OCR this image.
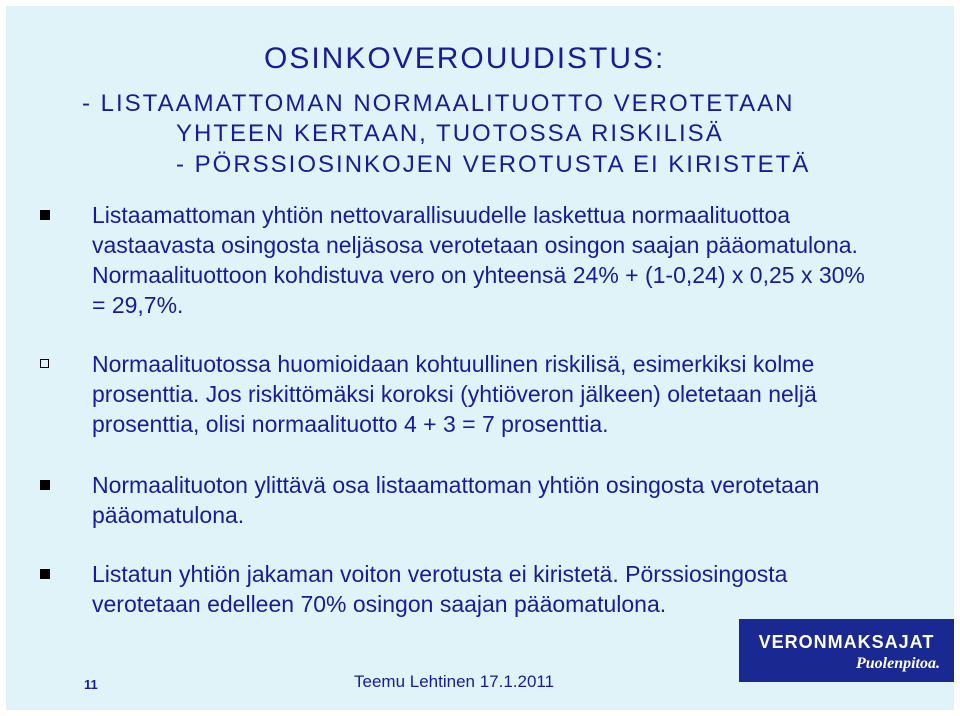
OSINKOVEROUUDISTUS:

- LISTAAMATTOMAN NORMAALITUOTTO VEROTETAAN

YHTEEN KERTAAN, TUOTOSSA RISKILISÄ

- PÖRSSIOSINKOJEN VEROTUSTA EI KIRISTETÄ

Listaamattoman yhtiön nettovarallisuudelle laskettua normaalituottoa vastaavasta osingosta neljäsosa verotetaan osingon saajan pääomatulona. Normaalituottoon kohdistuva vero on yhteensä 24% + (1-0,24) x 0,25 x 30% = 29,7%.

Normaalituotossa huomioidaan kohtuullinen riskilisä, esimerkiksi kolme prosenttia. Jos riskittömäksi koroksi (yhtiöveron jälkeen) oletetaan neljä prosenttia, olisi normaalituotto 4 + 3 = 7 prosenttia.

Normaalituoton ylittävä osa listaamattoman yhtiön osingosta verotetaan pääomatulona.

Listatun yhtiön jakaman voiton verotusta ei kiristetä. Pörssiosingosta verotetaan edelleen 70% osingon saajan pääomatulona.

11	Teemu Lehtinen 17.1.2011
VERONMAKSAJAT
Puolenpitoa.
